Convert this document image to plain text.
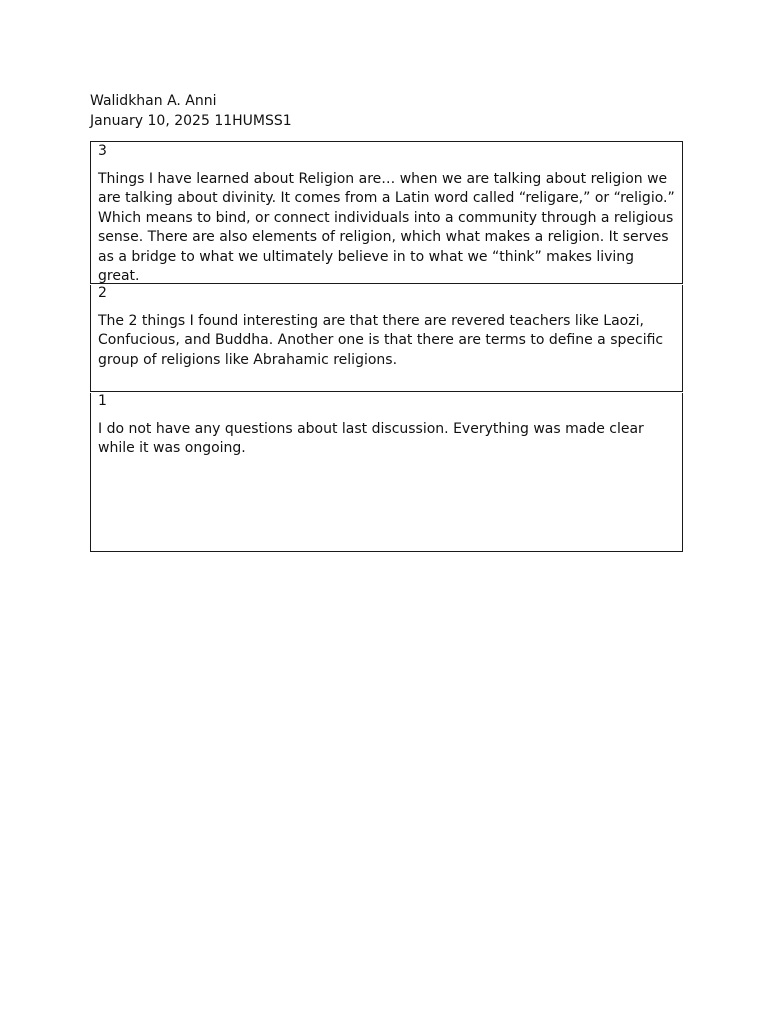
Walidkhan A. Anni
January 10, 2025 11HUMSS1
3
Things I have learned about Religion are… when we are talking about religion we are talking about divinity. It comes from a Latin word called “religare,” or “religio.” Which means to bind, or connect individuals into a community through a religious sense. There are also elements of religion, which what makes a religion. It serves as a bridge to what we ultimately believe in to what we “think” makes living great.
2
The 2 things I found interesting are that there are revered teachers like Laozi, Confucious, and Buddha. Another one is that there are terms to define a specific group of religions like Abrahamic religions.
1
I do not have any questions about last discussion. Everything was made clear while it was ongoing.
